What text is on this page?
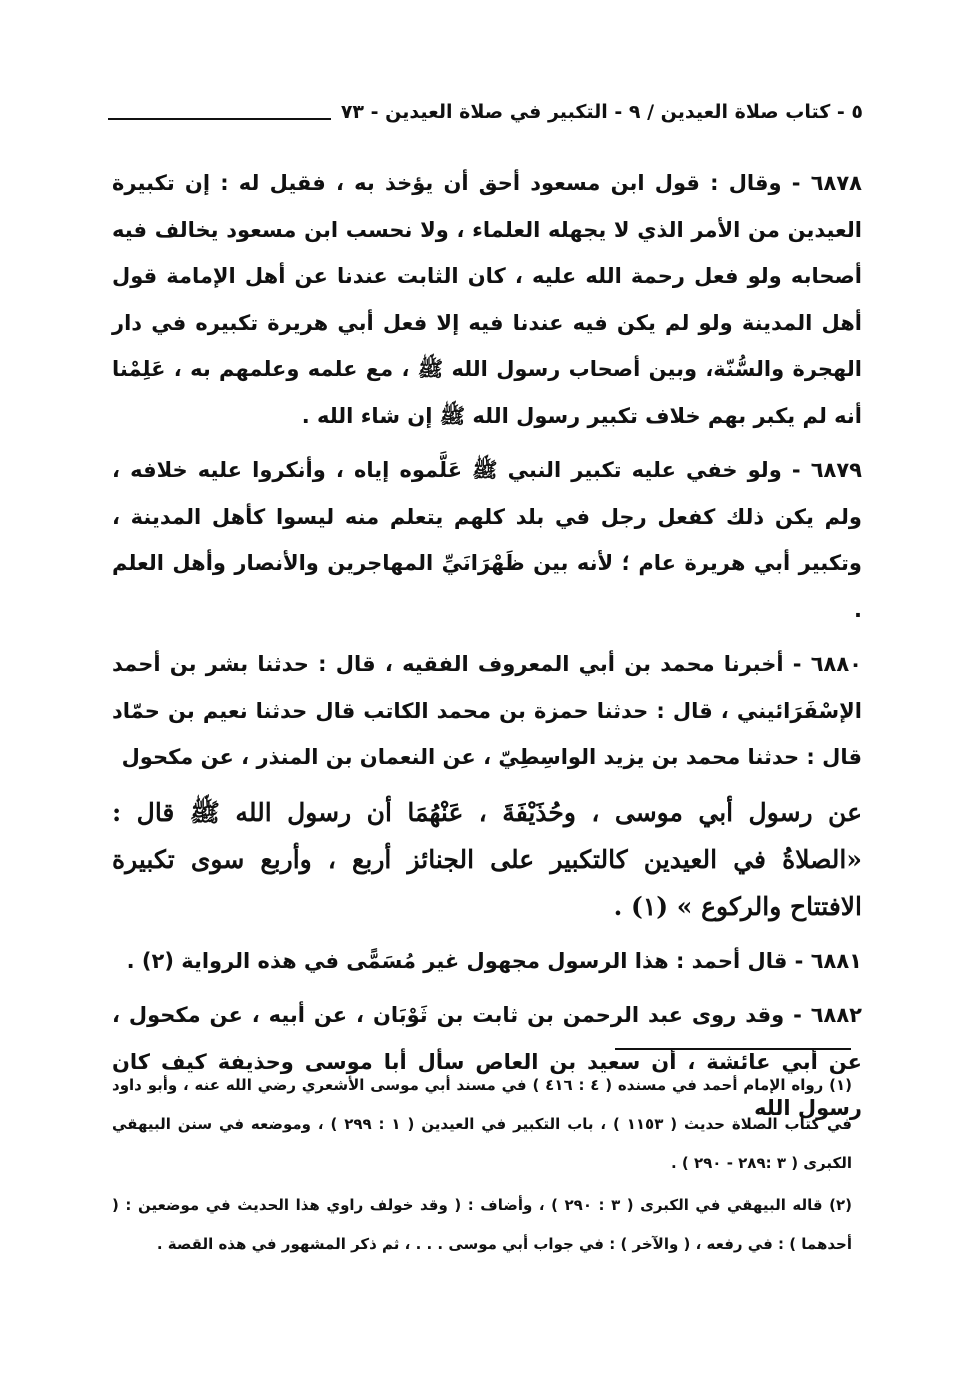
٥ - كتاب صلاة العيدين / ٩ - التكبير في صلاة العيدين - ٧٣

٦٨٧٨ - وقال : قول ابن مسعود أحق أن يؤخذ به ، فقيل له : إن تكبيرة العيدين من الأمر الذي لا يجهله العلماء ، ولا نحسب ابن مسعود يخالف فيه أصحابه ولو فعل رحمة الله عليه ، كان الثابت عندنا عن أهل الإمامة قول أهل المدينة ولو لم يكن فيه عندنا فيه إلا فعل أبي هريرة تكبيره في دار الهجرة والسُّنّة، وبين أصحاب رسول الله ﷺ ، مع علمه وعلمهم به ، عَلِمْنا أنه لم يكبر بهم خلاف تكبير رسول الله ﷺ إن شاء الله .

٦٨٧٩ - ولو خفي عليه تكبير النبي ﷺ عَلَّموه إياه ، وأنكروا عليه خلافه ، ولم يكن ذلك كفعل رجل في بلد كلهم يتعلم منه ليسوا كأهل المدينة ، وتكبير أبي هريرة عام ؛ لأنه بين ظَهْرَانَيِّ المهاجرين والأنصار وأهل العلم .

٦٨٨٠ - أخبرنا محمد بن أبي المعروف الفقيه ، قال : حدثنا بشر بن أحمد الإسْفَرَائيني ، قال : حدثنا حمزة بن محمد الكاتب قال حدثنا نعيم بن حمّاد قال : حدثنا محمد بن يزيد الواسِطِيّ ، عن النعمان بن المنذر ، عن مكحول

عن رسول أبي موسى ، وحُذَيْفَةَ ، عَنْهُمَا أن رسول الله ﷺ قال : «الصلاةُ في العيدين كالتكبير على الجنائز أربع ، وأربع سوى تكبيرة الافتتاح والركوع » (١) .

٦٨٨١ - قال أحمد : هذا الرسول مجهول غير مُسَمًّى في هذه الرواية (٢) .

٦٨٨٢ - وقد روى عبد الرحمن بن ثابت بن ثَوْبَان ، عن أبيه ، عن مكحول ، عن أبي عائشة ، أن سعيد بن العاص سأل أبا موسى وحذيفة كيف كان رسول الله

(١) رواه الإمام أحمد في مسنده ( ٤ : ٤١٦ ) في مسند أبي موسى الأشعري رضي الله عنه ، وأبو داود في كتاب الصلاة حديث ( ١١٥٣ ) ، باب التكبير في العيدين ( ١ : ٢٩٩ ) ، وموضعه في سنن البيهقي الكبرى ( ٣ :٢٨٩ - ٢٩٠ ) .

(٢) قاله البيهقي في الكبرى ( ٣ : ٢٩٠ ) ، وأضاف : ( وقد خولف راوي هذا الحديث في موضعين : ( أحدهما ) : في رفعه ، ( والآخر ) : في جواب أبي موسى . . . ، ثم ذكر المشهور في هذه القصة .
